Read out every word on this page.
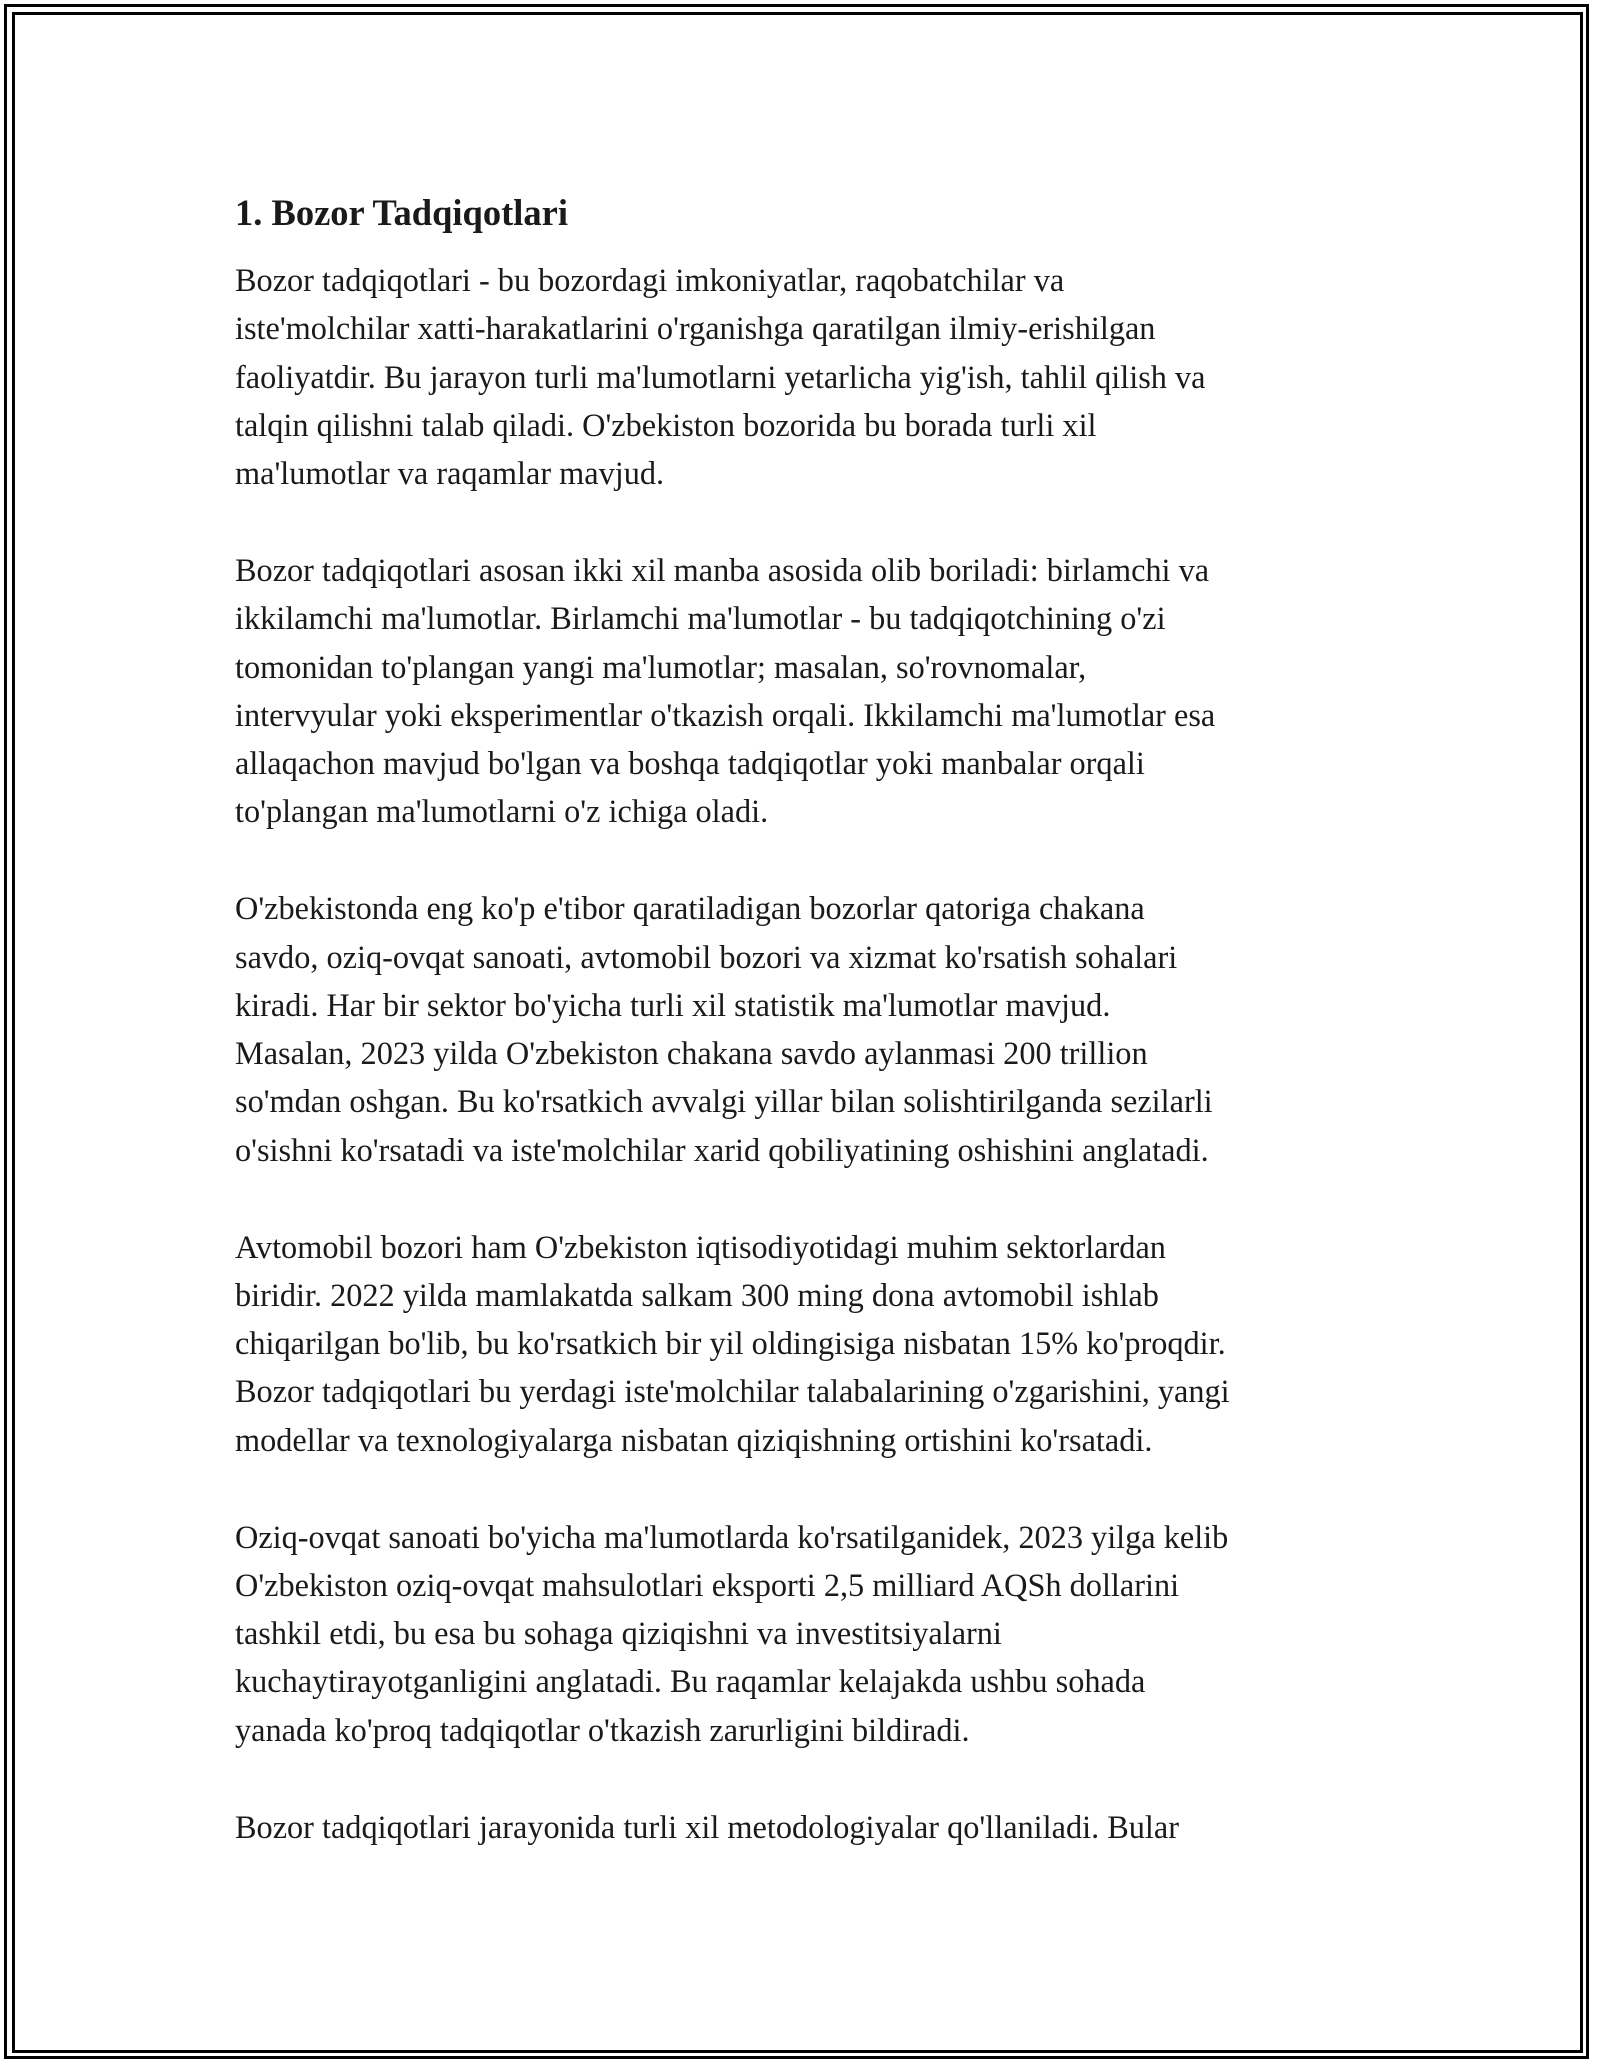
1. Bozor Tadqiqotlari

Bozor tadqiqotlari - bu bozordagi imkoniyatlar, raqobatchilar va
iste'molchilar xatti-harakatlarini o'rganishga qaratilgan ilmiy-erishilgan
faoliyatdir. Bu jarayon turli ma'lumotlarni yetarlicha yig'ish, tahlil qilish va
talqin qilishni talab qiladi. O'zbekiston bozorida bu borada turli xil
ma'lumotlar va raqamlar mavjud.

Bozor tadqiqotlari asosan ikki xil manba asosida olib boriladi: birlamchi va
ikkilamchi ma'lumotlar. Birlamchi ma'lumotlar - bu tadqiqotchining o'zi
tomonidan to'plangan yangi ma'lumotlar; masalan, so'rovnomalar,
intervyular yoki eksperimentlar o'tkazish orqali. Ikkilamchi ma'lumotlar esa
allaqachon mavjud bo'lgan va boshqa tadqiqotlar yoki manbalar orqali
to'plangan ma'lumotlarni o'z ichiga oladi.

O'zbekistonda eng ko'p e'tibor qaratiladigan bozorlar qatoriga chakana
savdo, oziq-ovqat sanoati, avtomobil bozori va xizmat ko'rsatish sohalari
kiradi. Har bir sektor bo'yicha turli xil statistik ma'lumotlar mavjud.
Masalan, 2023 yilda O'zbekiston chakana savdo aylanmasi 200 trillion
so'mdan oshgan. Bu ko'rsatkich avvalgi yillar bilan solishtirilganda sezilarli
o'sishni ko'rsatadi va iste'molchilar xarid qobiliyatining oshishini anglatadi.

Avtomobil bozori ham O'zbekiston iqtisodiyotidagi muhim sektorlardan
biridir. 2022 yilda mamlakatda salkam 300 ming dona avtomobil ishlab
chiqarilgan bo'lib, bu ko'rsatkich bir yil oldingisiga nisbatan 15% ko'proqdir.
Bozor tadqiqotlari bu yerdagi iste'molchilar talabalarining o'zgarishini, yangi
modellar va texnologiyalarga nisbatan qiziqishning ortishini ko'rsatadi.

Oziq-ovqat sanoati bo'yicha ma'lumotlarda ko'rsatilganidek, 2023 yilga kelib
O'zbekiston oziq-ovqat mahsulotlari eksporti 2,5 milliard AQSh dollarini
tashkil etdi, bu esa bu sohaga qiziqishni va investitsiyalarni
kuchaytirayotganligini anglatadi. Bu raqamlar kelajakda ushbu sohada
yanada ko'proq tadqiqotlar o'tkazish zarurligini bildiradi.

Bozor tadqiqotlari jarayonida turli xil metodologiyalar qo'llaniladi. Bular
